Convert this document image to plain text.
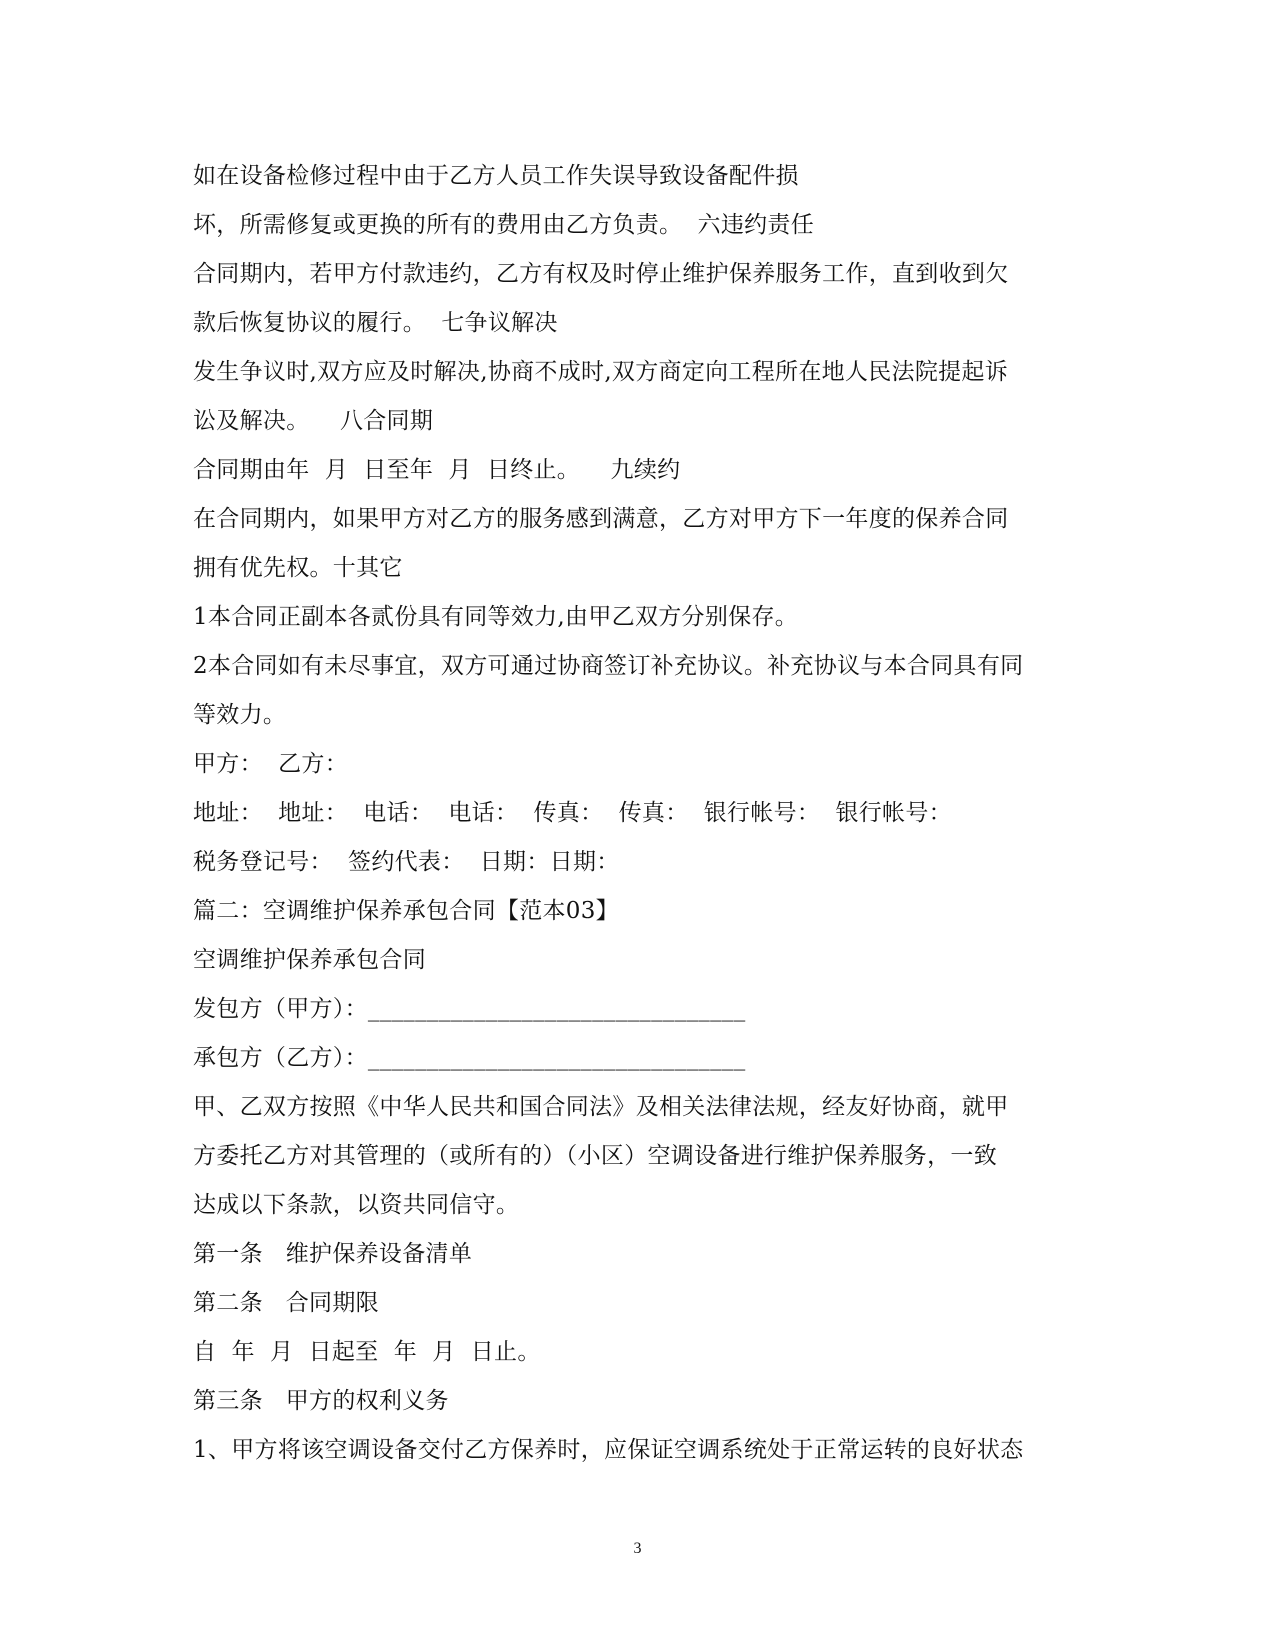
如在设备检修过程中由于乙方人员工作失误导致设备配件损
坏，所需修复或更换的所有的费用由乙方负责。  六违约责任
合同期内，若甲方付款违约，乙方有权及时停止维护保养服务工作，直到收到欠
款后恢复协议的履行。  七争议解决
发生争议时,双方应及时解决,协商不成时,双方商定向工程所在地人民法院提起诉
讼及解决。    八合同期
合同期由年  月  日至年  月  日终止。    九续约
在合同期内，如果甲方对乙方的服务感到满意，乙方对甲方下一年度的保养合同
拥有优先权。十其它
1本合同正副本各贰份具有同等效力,由甲乙双方分别保存。
2本合同如有未尽事宜，双方可通过协商签订补充协议。补充协议与本合同具有同
等效力。
甲方：  乙方：
地址：  地址：  电话：  电话：  传真：  传真：  银行帐号：  银行帐号：
税务登记号：  签约代表：  日期：日期：
篇二：空调维护保养承包合同【范本03】
空调维护保养承包合同
发包方（甲方）：________________________________
承包方（乙方）：________________________________
甲、乙双方按照《中华人民共和国合同法》及相关法律法规，经友好协商，就甲
方委托乙方对其管理的（或所有的）（小区）空调设备进行维护保养服务，一致
达成以下条款，以资共同信守。
第一条   维护保养设备清单
第二条   合同期限
自  年  月  日起至  年  月  日止。
第三条   甲方的权利义务
1、甲方将该空调设备交付乙方保养时，应保证空调系统处于正常运转的良好状态
3
